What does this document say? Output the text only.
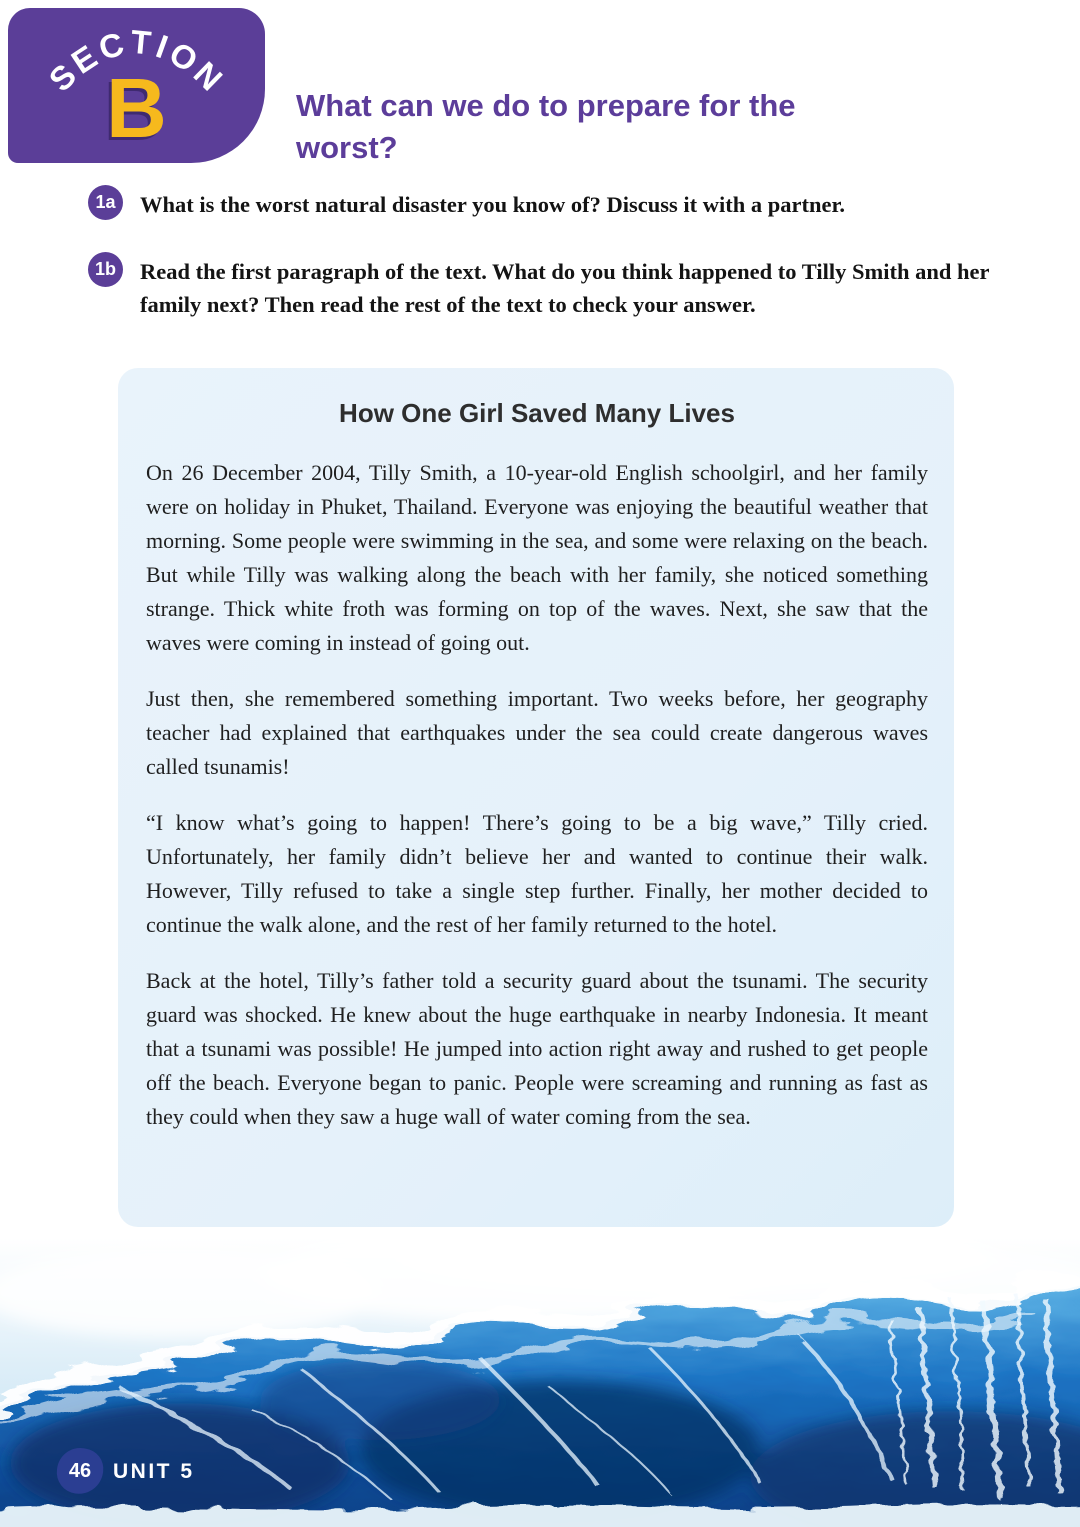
SECTION
B	What can we do to prepare for the worst?
1a	What is the worst natural disaster you know of? Discuss it with a partner.
1b	Read the first paragraph of the text. What do you think happened to Tilly Smith and her family next? Then read the rest of the text to check your answer.
How One Girl Saved Many Lives

On 26 December 2004, Tilly Smith, a 10-year-old English schoolgirl, and her family were on holiday in Phuket, Thailand. Everyone was enjoying the beautiful weather that morning. Some people were swimming in the sea, and some were relaxing on the beach. But while Tilly was walking along the beach with her family, she noticed something strange. Thick white froth was forming on top of the waves. Next, she saw that the waves were coming in instead of going out.

Just then, she remembered something important. Two weeks before, her geography teacher had explained that earthquakes under the sea could create dangerous waves called tsunamis!

“I know what’s going to happen! There’s going to be a big wave,” Tilly cried. Unfortunately, her family didn’t believe her and wanted to continue their walk. However, Tilly refused to take a single step further. Finally, her mother decided to continue the walk alone, and the rest of her family returned to the hotel.

Back at the hotel, Tilly’s father told a security guard about the tsunami. The security guard was shocked. He knew about the huge earthquake in nearby Indonesia. It meant that a tsunami was possible! He jumped into action right away and rushed to get people off the beach. Everyone began to panic. People were screaming and running as fast as they could when they saw a huge wall of water coming from the sea.

46 UNIT 5
